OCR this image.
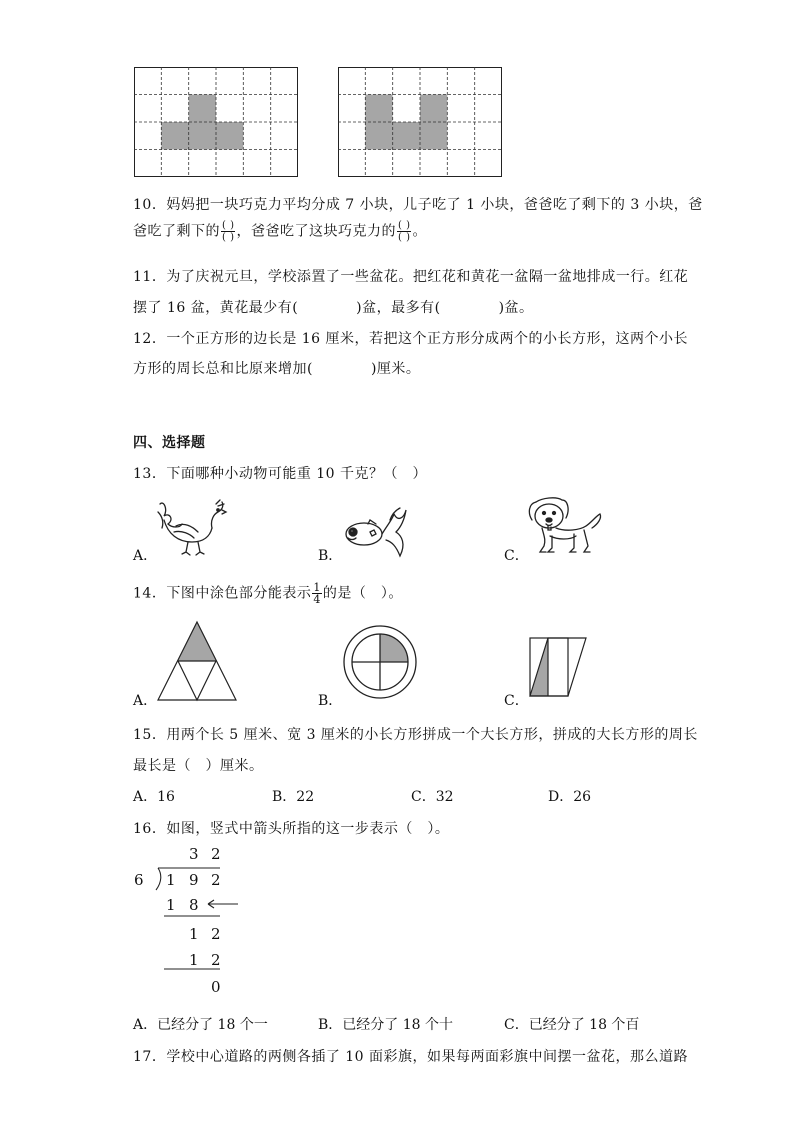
10．妈妈把一块巧克力平均分成 7 小块，儿子吃了 1 小块，爸爸吃了剩下的 3 小块，爸
爸吃了剩下的 $\frac{( )}{( )}$ ，爸爸吃了这块巧克力的 $\frac{( )}{( )}$ 。
11．为了庆祝元旦，学校添置了一些盆花。把红花和黄花一盆隔一盆地排成一行。红花
摆了 16 盆，黄花最少有(　　　　)盆，最多有(　　　　)盆。
12．一个正方形的边长是 16 厘米，若把这个正方形分成两个的小长方形，这两个小长
方形的周长总和比原来增加(　　　　)厘米。
四、选择题
13．下面哪种小动物可能重 10 千克？（　）
A．	B．	C．
14．下图中涂色部分能表示 $\frac{1}{4}$ 的是（　）。
A．	B．	C．
15．用两个长 5 厘米、宽 3 厘米的小长方形拼成一个大长方形，拼成的大长方形的周长
最长是（　）厘米。
A．16	B．22	C．32	D．26
16．如图，竖式中箭头所指的这一步表示（　）。
3 2
6 1 9 2
1 8
1 2
1 2
0
A．已经分了 18 个一	B．已经分了 18 个十	C．已经分了 18 个百
17．学校中心道路的两侧各插了 10 面彩旗，如果每两面彩旗中间摆一盆花，那么道路
